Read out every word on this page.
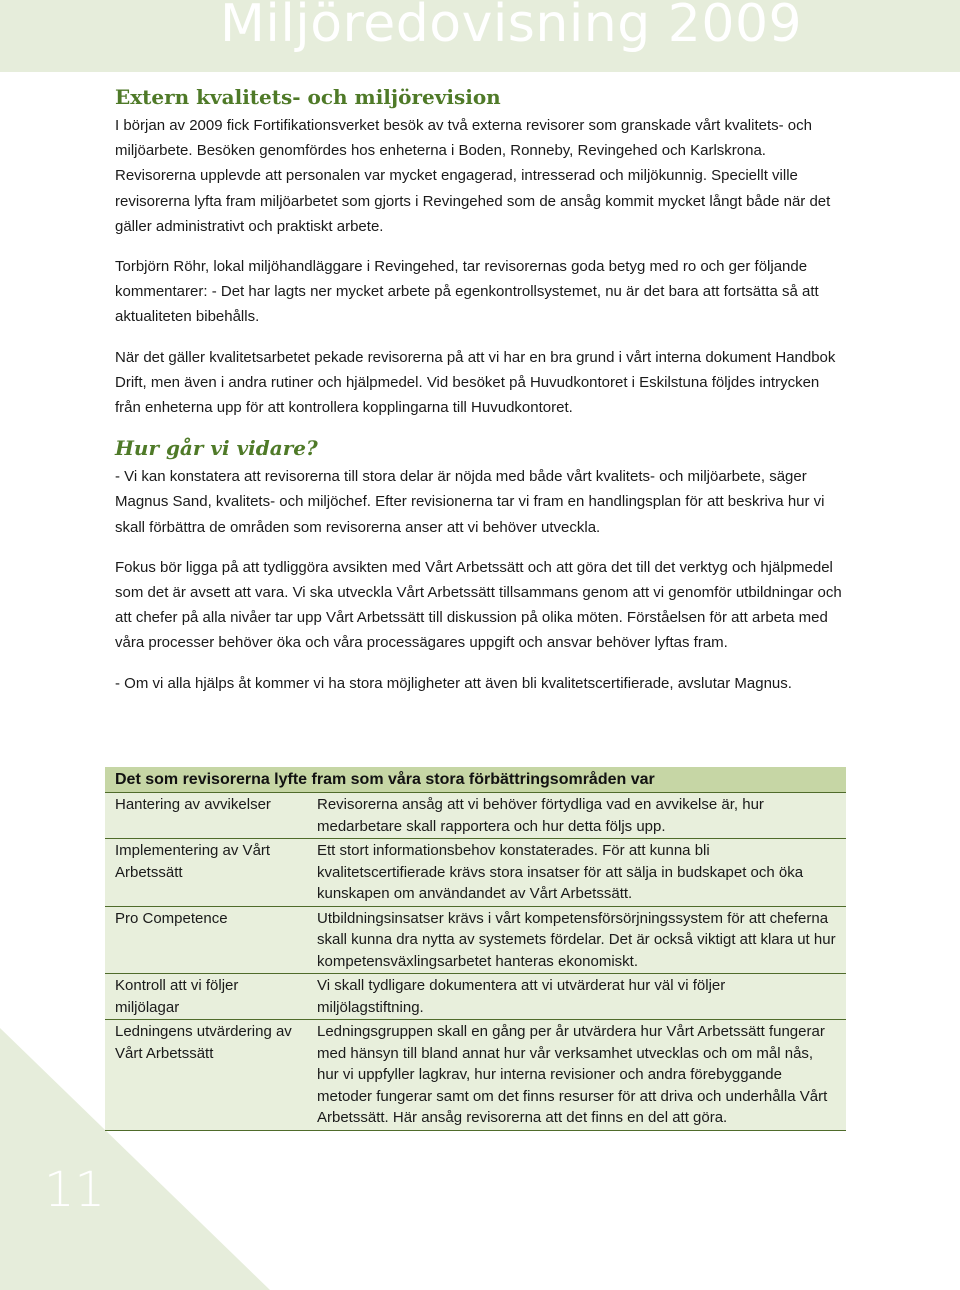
Miljöredovisning 2009
11
Extern kvalitets- och miljörevision

I början av 2009 fick Fortifikationsverket besök av två externa revisorer som granskade vårt kvalitets- och miljöarbete. Besöken genomfördes hos enheterna i Boden, Ronneby, Revingehed och Karlskrona. Revisorerna upplevde att personalen var mycket engagerad, intresserad och miljökunnig. Speciellt ville revisorerna lyfta fram miljöarbetet som gjorts i Revingehed som de ansåg kommit mycket långt både när det gäller administrativt och praktiskt arbete.

Torbjörn Röhr, lokal miljöhandläggare i Revingehed, tar revisorernas goda betyg med ro och ger följande kommentarer: - Det har lagts ner mycket arbete på egenkontrollsystemet, nu är det bara att fortsätta så att aktualiteten bibehålls.

När det gäller kvalitetsarbetet pekade revisorerna på att vi har en bra grund i vårt interna dokument Handbok Drift, men även i andra rutiner och hjälpmedel. Vid besöket på Huvudkontoret i Eskilstuna följdes intrycken från enheterna upp för att kontrollera kopplingarna till Huvudkontoret.

Hur går vi vidare?

- Vi kan konstatera att revisorerna till stora delar är nöjda med både vårt kvalitets- och miljöarbete, säger Magnus Sand, kvalitets- och miljöchef. Efter revisionerna tar vi fram en handlingsplan för att beskriva hur vi skall förbättra de områden som revisorerna anser att vi behöver utveckla.

Fokus bör ligga på att tydliggöra avsikten med Vårt Arbetssätt och att göra det till det verktyg och hjälpmedel som det är avsett att vara. Vi ska utveckla Vårt Arbetssätt tillsammans genom att vi genomför utbildningar och att chefer på alla nivåer tar upp Vårt Arbetssätt till diskussion på olika möten. Förståelsen för att arbeta med våra processer behöver öka och våra processägares uppgift och ansvar behöver lyftas fram.

- Om vi alla hjälps åt kommer vi ha stora möjligheter att även bli kvalitetscertifierade, avslutar Magnus.

Det som revisorerna lyfte fram som våra stora förbättringsområden var	
Hantering av avvikelser	Revisorerna ansåg att vi behöver förtydliga vad en avvikelse är, hur medarbetare skall rapportera och hur detta följs upp.
Implementering av Vårt Arbetssätt	Ett stort informationsbehov konstaterades. För att kunna bli kvalitetscertifierade krävs stora insatser för att sälja in budskapet och öka kunskapen om användandet av Vårt Arbetssätt.
Pro Competence	Utbildningsinsatser krävs i vårt kompetensförsörjningssystem för att cheferna skall kunna dra nytta av systemets fördelar. Det är också viktigt att klara ut hur kompetensväxlingsarbetet hanteras ekonomiskt.
Kontroll att vi följer miljölagar	Vi skall tydligare dokumentera att vi utvärderat hur väl vi följer miljölagstiftning.
Ledningens utvärdering av Vårt Arbetssätt	Ledningsgruppen skall en gång per år utvärdera hur Vårt Arbetssätt fungerar med hänsyn till bland annat hur vår verksamhet utvecklas och om mål nås, hur vi uppfyller lagkrav, hur interna revisioner och andra förebyggande metoder fungerar samt om det finns resurser för att driva och underhålla Vårt Arbetssätt. Här ansåg revisorerna att det finns en del att göra.
